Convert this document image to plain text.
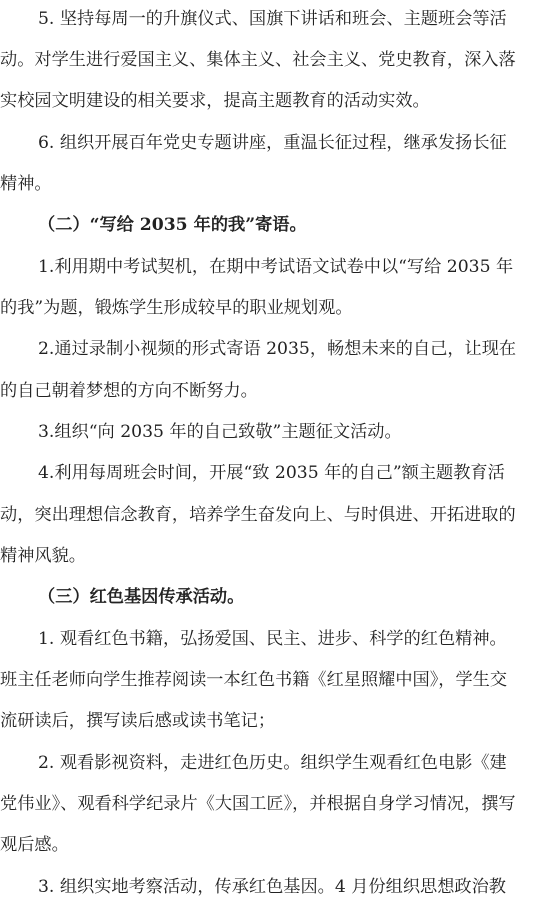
5. 坚持每周一的升旗仪式、国旗下讲话和班会、主题班会等活
动。对学生进行爱国主义、集体主义、社会主义、党史教育，深入落
实校园文明建设的相关要求，提高主题教育的活动实效。
6. 组织开展百年党史专题讲座，重温长征过程，继承发扬长征
精神。
（二）“写给 2035 年的我”寄语。
1.利用期中考试契机，在期中考试语文试卷中以“写给 2035 年
的我”为题，锻炼学生形成较早的职业规划观。
2.通过录制小视频的形式寄语 2035，畅想未来的自己，让现在
的自己朝着梦想的方向不断努力。
3.组织“向 2035 年的自己致敬”主题征文活动。
4.利用每周班会时间，开展“致 2035 年的自己”额主题教育活
动，突出理想信念教育，培养学生奋发向上、与时俱进、开拓进取的
精神风貌。
（三）红色基因传承活动。
1. 观看红色书籍，弘扬爱国、民主、进步、科学的红色精神。
班主任老师向学生推荐阅读一本红色书籍《红星照耀中国》，学生交
流研读后，撰写读后感或读书笔记；
2. 观看影视资料，走进红色历史。组织学生观看红色电影《建
党伟业》、观看科学纪录片《大国工匠》，并根据自身学习情况，撰写
观后感。
3. 组织实地考察活动，传承红色基因。4 月份组织思想政治教
